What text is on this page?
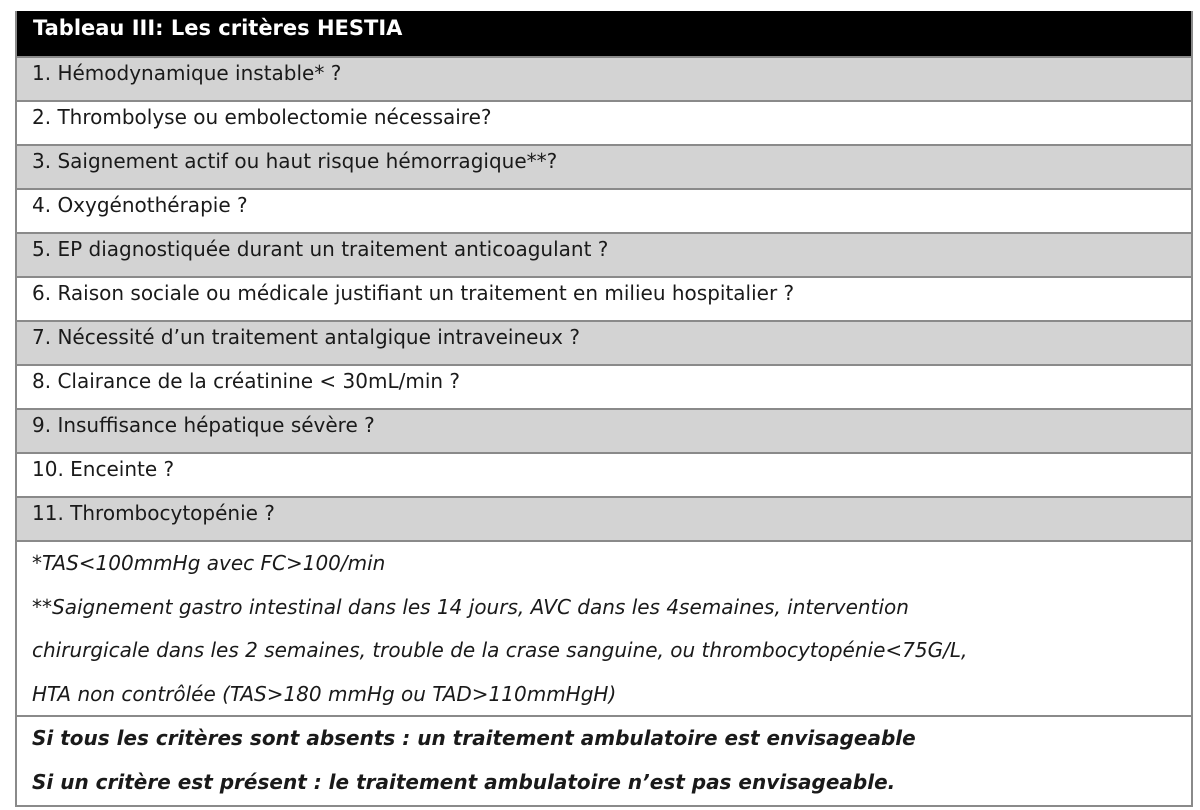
Tableau III: Les critères HESTIA
1. Hémodynamique instable* ?
2. Thrombolyse ou embolectomie nécessaire?
3. Saignement actif ou haut risque hémorragique**?
4. Oxygénothérapie ?
5. EP diagnostiquée durant un traitement anticoagulant ?
6. Raison sociale ou médicale justifiant un traitement en milieu hospitalier ?
7. Nécessité d’un traitement antalgique intraveineux ?
8. Clairance de la créatinine < 30mL/min ?
9. Insuffisance hépatique sévère ?
10. Enceinte ?
11. Thrombocytopénie ?
*TAS<100mmHg avec FC>100/min
**Saignement gastro intestinal dans les 14 jours, AVC dans les 4semaines, intervention
chirurgicale dans les 2 semaines, trouble de la crase sanguine, ou thrombocytopénie<75G/L,
HTA non contrôlée (TAS>180 mmHg ou TAD>110mmHgH)
Si tous les critères sont absents : un traitement ambulatoire est envisageable
Si un critère est présent : le traitement ambulatoire n’est pas envisageable.
